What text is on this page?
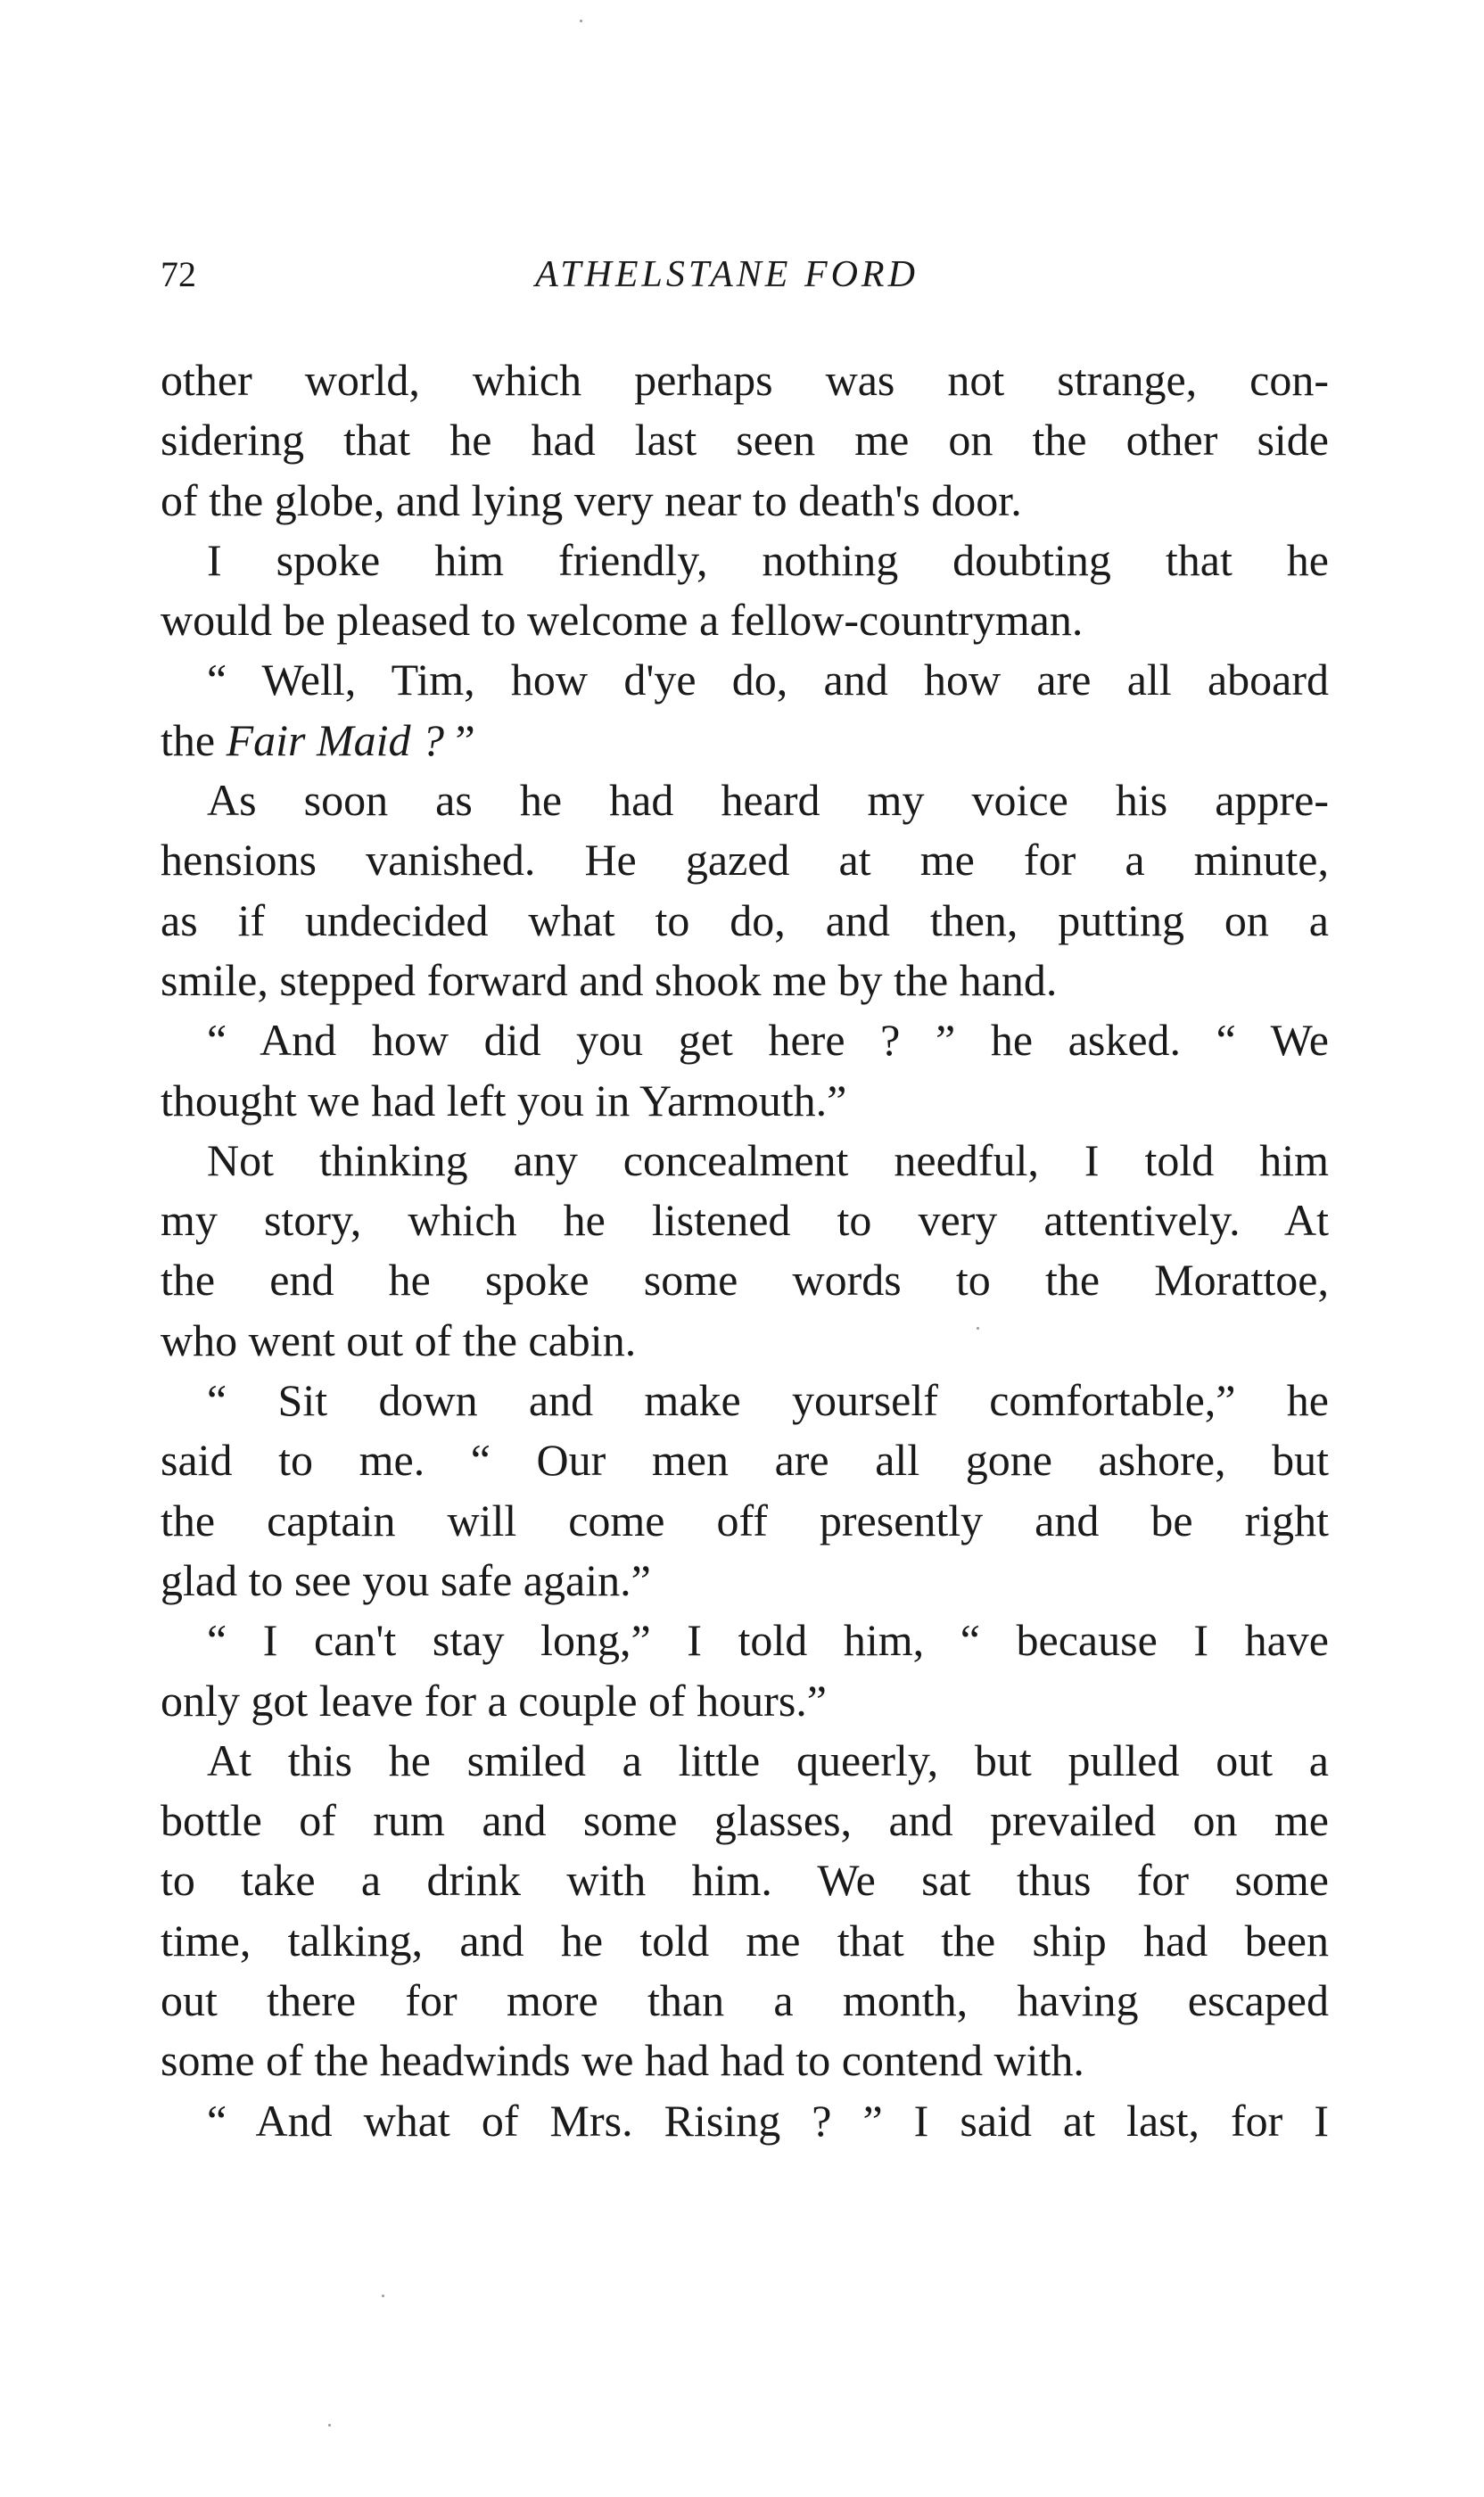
72	ATHELSTANE FORD
other world, which perhaps was not strange, con-
sidering that he had last seen me on the other side
of the globe, and lying very near to death's door.
I spoke him friendly, nothing doubting that he
would be pleased to welcome a fellow-countryman.
“ Well, Tim, how d'ye do, and how are all aboard
the Fair Maid ? ”
As soon as he had heard my voice his appre-
hensions vanished. He gazed at me for a minute,
as if undecided what to do, and then, putting on a
smile, stepped forward and shook me by the hand.
“ And how did you get here ? ” he asked. “ We
thought we had left you in Yarmouth.”
Not thinking any concealment needful, I told him
my story, which he listened to very attentively. At
the end he spoke some words to the Morattoe,
who went out of the cabin.
“ Sit down and make yourself comfortable,” he
said to me. “ Our men are all gone ashore, but
the captain will come off presently and be right
glad to see you safe again.”
“ I can't stay long,” I told him, “ because I have
only got leave for a couple of hours.”
At this he smiled a little queerly, but pulled out a
bottle of rum and some glasses, and prevailed on me
to take a drink with him. We sat thus for some
time, talking, and he told me that the ship had been
out there for more than a month, having escaped
some of the headwinds we had had to contend with.
“ And what of Mrs. Rising ? ” I said at last, for I
